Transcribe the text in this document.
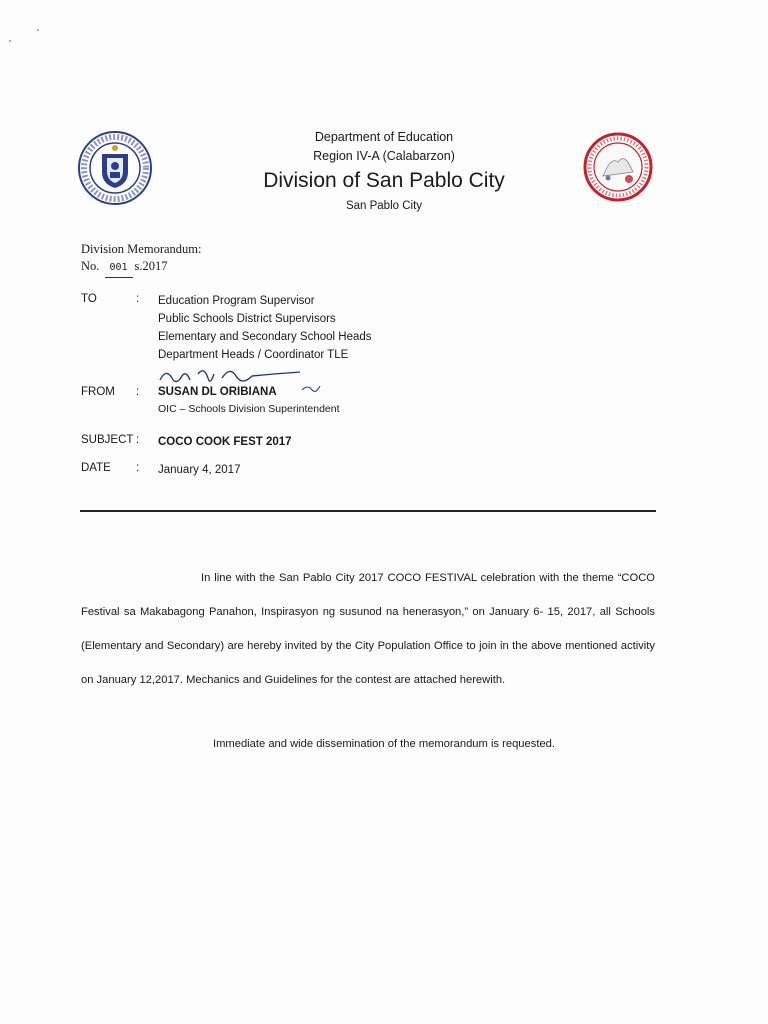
Department of Education
Region IV-A (Calabarzon)
Division of San Pablo City
San Pablo City
Division Memorandum:
No. 001 s.2017
TO	: Education Program Supervisor
Public Schools District Supervisors
Elementary and Secondary School Heads
Department Heads / Coordinator TLE
FROM : SUSAN DL ORIBIANA
OIC – Schools Division Superintendent
SUBJECT : COCO COOK FEST 2017
DATE : January 4, 2017
In line with the San Pablo City 2017 COCO FESTIVAL celebration with the theme “COCO Festival sa Makabagong Panahon, Inspirasyon ng susunod na henerasyon,” on January 6- 15, 2017, all Schools (Elementary and Secondary) are hereby invited by the City Population Office to join in the above mentioned activity on January 12,2017. Mechanics and Guidelines for the contest are attached herewith.
Immediate and wide dissemination of the memorandum is requested.
